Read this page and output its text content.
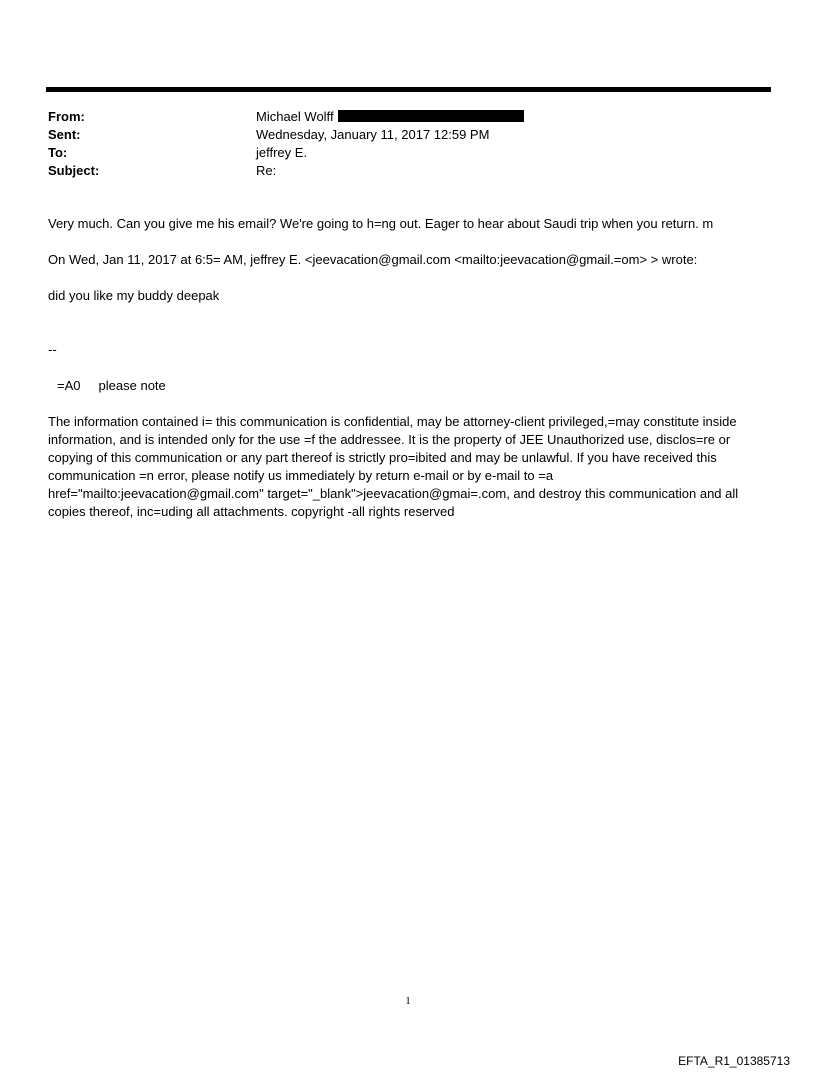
From:	Michael Wolff
Sent:	Wednesday, January 11, 2017 12:59 PM
To:	jeffrey E.
Subject:	Re:
Very much. Can you give me his email? We're going to h=ng out. Eager to hear about Saudi trip when you return. m
On Wed, Jan 11, 2017 at 6:5= AM, jeffrey E. <jeevacation@gmail.com <mailto:jeevacation@gmail.=om> > wrote:
did you like my buddy deepak
--
=A0     please note
The information contained i= this communication is confidential, may be attorney-client privileged,=may constitute inside information, and is intended only for the use =f the addressee. It is the property of JEE Unauthorized use, disclos=re or copying of this communication or any part thereof is strictly pro=ibited and may be unlawful. If you have received this communication =n error, please notify us immediately by return e-mail or by e-mail to =a href="mailto:jeevacation@gmail.com" target="_blank">jeevacation@gmai=.com, and destroy this communication and all copies thereof, inc=uding all attachments. copyright -all rights reserved
1
EFTA_R1_01385713
